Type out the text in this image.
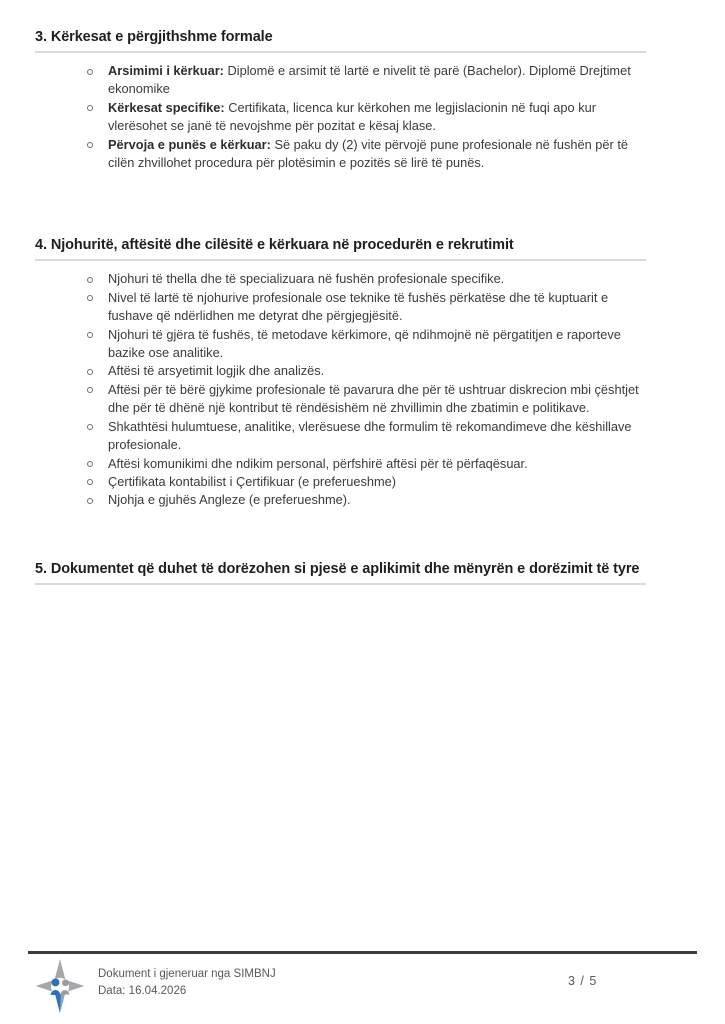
3. Kërkesat e përgjithshme formale
Arsimimi i kërkuar: Diplomë e arsimit të lartë e nivelit të parë (Bachelor). Diplomë Drejtimet ekonomike
Kërkesat specifike: Certifikata, licenca kur kërkohen me legjislacionin në fuqi apo kur vlerësohet se janë të nevojshme për pozitat e kësaj klase.
Përvoja e punës e kërkuar: Së paku dy (2) vite përvojë pune profesionale në fushën për të cilën zhvillohet procedura për plotësimin e pozitës së lirë të punës.
4. Njohuritë, aftësitë dhe cilësitë e kërkuara në procedurën e rekrutimit
Njohuri të thella dhe të specializuara në fushën profesionale specifike.
Nivel të lartë të njohurive profesionale ose teknike të fushës përkatëse dhe të kuptuarit e fushave që ndërlidhen me detyrat dhe përgjegjësitë.
Njohuri të gjëra të fushës, të metodave kërkimore, që ndihmojnë në përgatitjen e raporteve bazike ose analitike.
Aftësi të arsyetimit logjik dhe analizës.
Aftësi për të bërë gjykime profesionale të pavarura dhe për të ushtruar diskrecion mbi çështjet dhe për të dhënë një kontribut të rëndësishëm në zhvillimin dhe zbatimin e politikave.
Shkathtësi hulumtuese, analitike, vlerësuese dhe formulim të rekomandimeve dhe këshillave profesionale.
Aftësi komunikimi dhe ndikim personal, përfshirë aftësi për të përfaqësuar.
Çertifikata kontabilist i Çertifikuar (e preferueshme)
Njohja e gjuhës Angleze (e preferueshme).
5. Dokumentet që duhet të dorëzohen si pjesë e aplikimit dhe mënyrën e dorëzimit të tyre
Dokument i gjeneruar nga SIMBNJ
Data: 16.04.2026
3 / 5
